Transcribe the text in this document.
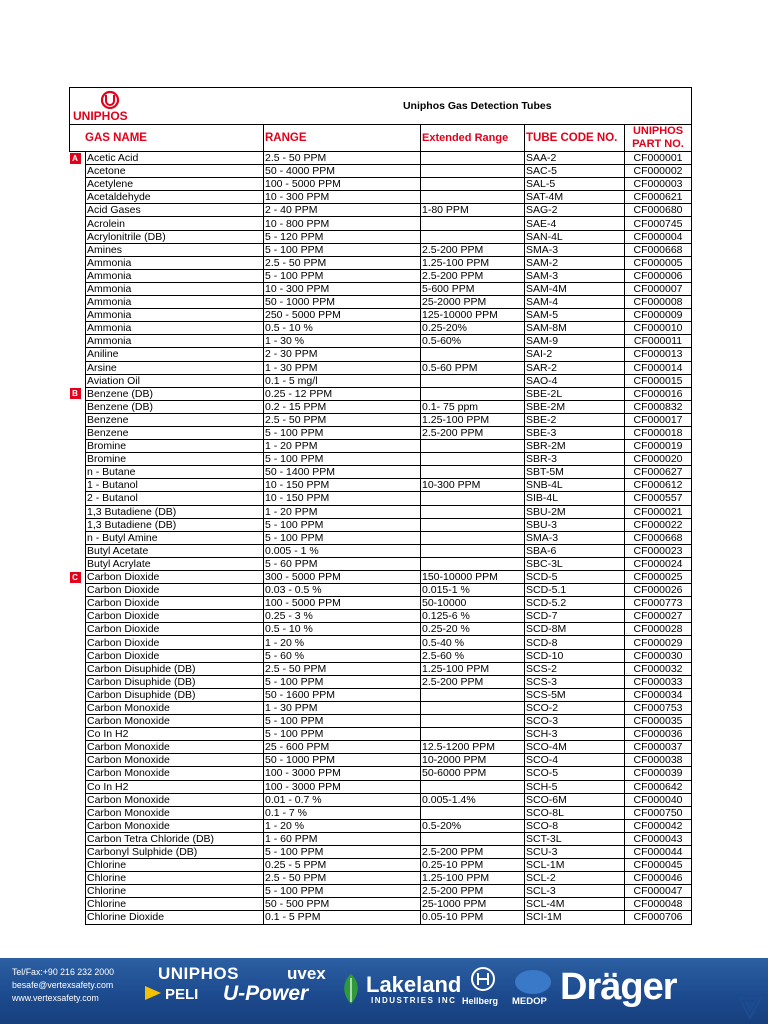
UNIPHOS		Uniphos Gas Detection Tubes			
GAS NAME		RANGE	Extended Range	TUBE CODE NO.	UNIPHOS
PART NO.
A	Acetic Acid	2.5 - 50 PPM		SAA-2	CF000001
	Acetone	50 - 4000 PPM		SAC-5	CF000002
	Acetylene	100 - 5000 PPM		SAL-5	CF000003
	Acetaldehyde	10 - 300 PPM		SAT-4M	CF000621
	Acid Gases	2 - 40 PPM	1-80 PPM	SAG-2	CF000680
	Acrolein	10 - 800 PPM		SAE-4	CF000745
	Acrylonitrile (DB)	5 - 120 PPM		SAN-4L	CF000004
	Amines	5 - 100 PPM	2.5-200 PPM	SMA-3	CF000668
	Ammonia	2.5 - 50 PPM	1.25-100 PPM	SAM-2	CF000005
	Ammonia	5 - 100 PPM	2.5-200 PPM	SAM-3	CF000006
	Ammonia	10 - 300 PPM	5-600 PPM	SAM-4M	CF000007
	Ammonia	50 - 1000 PPM	25-2000 PPM	SAM-4	CF000008
	Ammonia	250 - 5000 PPM	125-10000 PPM	SAM-5	CF000009
	Ammonia	0.5 - 10 %	0.25-20%	SAM-8M	CF000010
	Ammonia	1 - 30 %	0.5-60%	SAM-9	CF000011
	Aniline	2 - 30 PPM		SAI-2	CF000013
	Arsine	1 - 30 PPM	0.5-60 PPM	SAR-2	CF000014
	Aviation Oil	0.1 - 5 mg/l		SAO-4	CF000015
B	Benzene (DB)	0.25 - 12 PPM		SBE-2L	CF000016
	Benzene (DB)	0.2 - 15 PPM	0.1- 75 ppm	SBE-2M	CF000832
	Benzene	2.5 - 50 PPM	1.25-100 PPM	SBE-2	CF000017
	Benzene	5 - 100 PPM	2.5-200 PPM	SBE-3	CF000018
	Bromine	1 - 20 PPM		SBR-2M	CF000019
	Bromine	5 - 100 PPM		SBR-3	CF000020
	n - Butane	50 - 1400 PPM		SBT-5M	CF000627
	1 - Butanol	10 - 150 PPM	10-300 PPM	SNB-4L	CF000612
	2 - Butanol	10 - 150 PPM		SIB-4L	CF000557
	1,3 Butadiene (DB)	1 - 20 PPM		SBU-2M	CF000021
	1,3 Butadiene (DB)	5 - 100 PPM		SBU-3	CF000022
	n - Butyl Amine	5 - 100 PPM		SMA-3	CF000668
	Butyl Acetate	0.005 - 1 %		SBA-6	CF000023
	Butyl Acrylate	5 - 60 PPM		SBC-3L	CF000024
C	Carbon Dioxide	300 - 5000 PPM	150-10000 PPM	SCD-5	CF000025
	Carbon Dioxide	0.03 - 0.5 %	0.015-1 %	SCD-5.1	CF000026
	Carbon Dioxide	100 - 5000 PPM	50-10000	SCD-5.2	CF000773
	Carbon Dioxide	0.25 - 3 %	0.125-6 %	SCD-7	CF000027
	Carbon Dioxide	0.5 - 10 %	0.25-20 %	SCD-8M	CF000028
	Carbon Dioxide	1 - 20 %	0.5-40 %	SCD-8	CF000029
	Carbon Dioxide	5 - 60 %	2.5-60 %	SCD-10	CF000030
	Carbon Disuphide (DB)	2.5 - 50 PPM	1.25-100 PPM	SCS-2	CF000032
	Carbon Disuphide (DB)	5 - 100 PPM	2.5-200 PPM	SCS-3	CF000033
	Carbon Disuphide (DB)	50 - 1600 PPM		SCS-5M	CF000034
	Carbon Monoxide	1 - 30 PPM		SCO-2	CF000753
	Carbon Monoxide	5 - 100 PPM		SCO-3	CF000035
	Co In H2	5 - 100 PPM		SCH-3	CF000036
	Carbon Monoxide	25 - 600 PPM	12.5-1200 PPM	SCO-4M	CF000037
	Carbon Monoxide	50 - 1000 PPM	10-2000 PPM	SCO-4	CF000038
	Carbon Monoxide	100 - 3000 PPM	50-6000 PPM	SCO-5	CF000039
	Co In H2	100 - 3000 PPM		SCH-5	CF000642
	Carbon Monoxide	0.01 - 0.7 %	0.005-1.4%	SCO-6M	CF000040
	Carbon Monoxide	0.1 - 7 %		SCO-8L	CF000750
	Carbon Monoxide	1 - 20 %	0.5-20%	SCO-8	CF000042
	Carbon Tetra Chloride (DB)	1 - 60 PPM		SCT-3L	CF000043
	Carbonyl Sulphide (DB)	5 - 100 PPM	2.5-200 PPM	SCU-3	CF000044
	Chlorine	0.25 - 5 PPM	0.25-10 PPM	SCL-1M	CF000045
	Chlorine	2.5 - 50 PPM	1.25-100 PPM	SCL-2	CF000046
	Chlorine	5 - 100 PPM	2.5-200 PPM	SCL-3	CF000047
	Chlorine	50 - 500 PPM	25-1000 PPM	SCL-4M	CF000048
	Chlorine Dioxide	0.1 - 5 PPM	0.05-10 PPM	SCI-1M	CF000706
Tel/Fax:+90 216 232 2000
besafe@vertexsafety.com
www.vertexsafety.com
UNIPHOS
PELI
uvex
U-Power	Lakeland
INDUSTRIES INC Hellberg MEDOP Dräger
